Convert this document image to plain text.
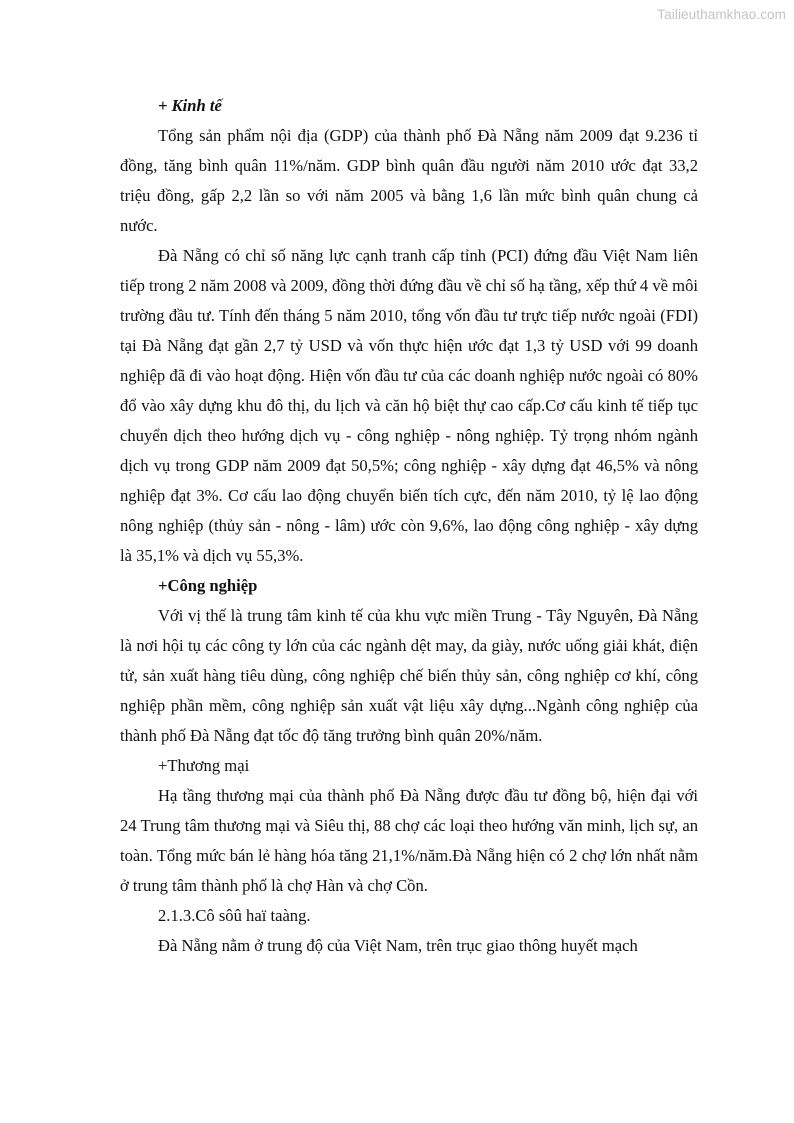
Tailieuthamkhao.com

+ Kinh tế

Tổng sản phẩm nội địa (GDP) của thành phố Đà Nẵng năm 2009 đạt 9.236 tỉ đồng, tăng bình quân 11%/năm. GDP bình quân đầu người năm 2010 ước đạt 33,2 triệu đồng, gấp 2,2 lần so với năm 2005 và bằng 1,6 lần mức bình quân chung cả nước.

Đà Nẵng có chỉ số năng lực cạnh tranh cấp tỉnh (PCI) đứng đầu Việt Nam liên tiếp trong 2 năm 2008 và 2009, đồng thời đứng đầu về chỉ số hạ tầng, xếp thứ 4 về môi trường đầu tư. Tính đến tháng 5 năm 2010, tổng vốn đầu tư trực tiếp nước ngoài (FDI) tại Đà Nẵng đạt gần 2,7 tỷ USD và vốn thực hiện ước đạt 1,3 tỷ USD với 99 doanh nghiệp đã đi vào hoạt động. Hiện vốn đầu tư của các doanh nghiệp nước ngoài có 80% đổ vào xây dựng khu đô thị, du lịch và căn hộ biệt thự cao cấp.Cơ cấu kinh tế tiếp tục chuyển dịch theo hướng dịch vụ - công nghiệp - nông nghiệp. Tỷ trọng nhóm ngành dịch vụ trong GDP năm 2009 đạt 50,5%; công nghiệp - xây dựng đạt 46,5% và nông nghiệp đạt 3%. Cơ cấu lao động chuyển biến tích cực, đến năm 2010, tỷ lệ lao động nông nghiệp (thủy sản - nông - lâm) ước còn 9,6%, lao động công nghiệp - xây dựng là 35,1% và dịch vụ 55,3%.

+Công nghiệp

Với vị thế là trung tâm kinh tế của khu vực miền Trung - Tây Nguyên, Đà Nẵng là nơi hội tụ các công ty lớn của các ngành dệt may, da giày, nước uống giải khát, điện tử, sản xuất hàng tiêu dùng, công nghiệp chế biến thủy sản, công nghiệp cơ khí, công nghiệp phần mềm, công nghiệp sản xuất vật liệu xây dựng...Ngành công nghiệp của thành phố Đà Nẵng đạt tốc độ tăng trưởng bình quân 20%/năm.

+Thương mại

Hạ tầng thương mại của thành phố Đà Nẵng được đầu tư đồng bộ, hiện đại với 24 Trung tâm thương mại và Siêu thị, 88 chợ các loại theo hướng văn minh, lịch sự, an toàn. Tổng mức bán lẻ hàng hóa tăng 21,1%/năm.Đà Nẵng hiện có 2 chợ lớn nhất nằm ở trung tâm thành phố là chợ Hàn và chợ Cồn.

2.1.3.Cô sôû haï taàng.

Đà Nẵng nằm ở trung độ của Việt Nam, trên trục giao thông huyết mạch
